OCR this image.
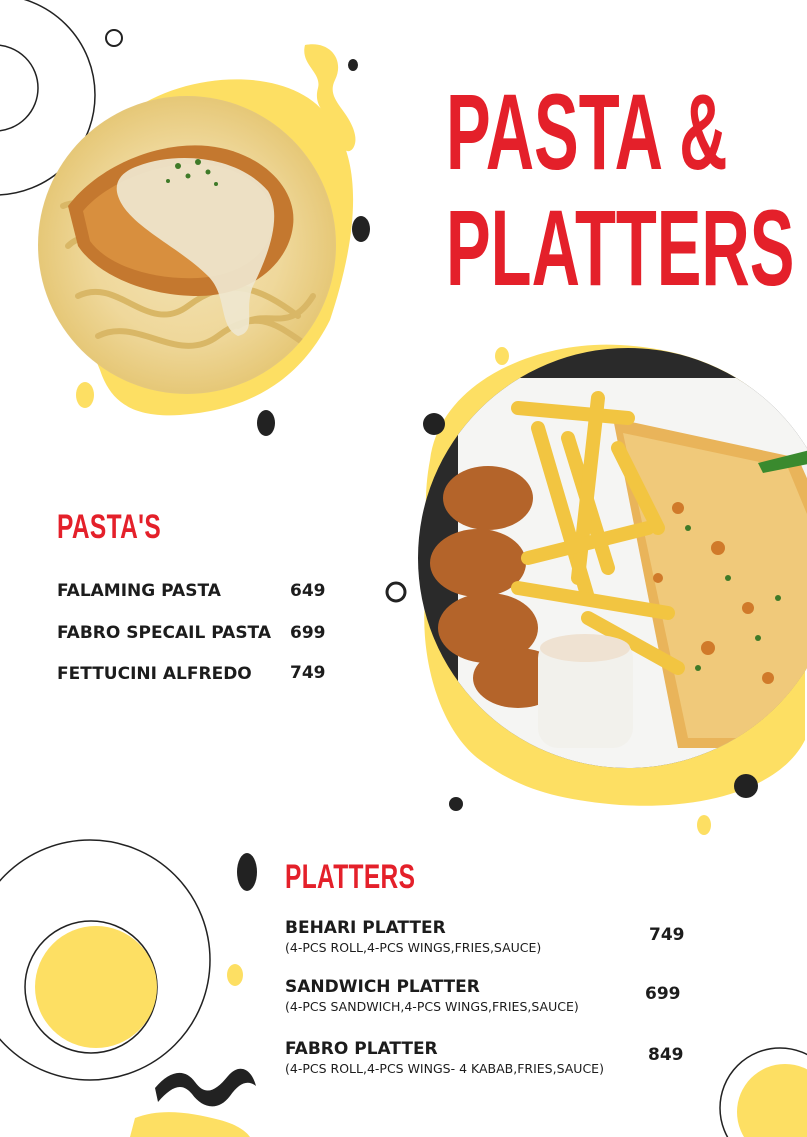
PASTA &
PLATTERS
PASTA'S
FALAMING PASTA	649
FABRO SPECAIL PASTA 699
FETTUCINI ALFREDO 749
PLATTERS
BEHARI PLATTER
(4-PCS ROLL,4-PCS WINGS,FRIES,SAUCE)
749
SANDWICH PLATTER
(4-PCS SANDWICH,4-PCS WINGS,FRIES,SAUCE)
699
FABRO PLATTER
(4-PCS ROLL,4-PCS WINGS- 4 KABAB,FRIES,SAUCE)
849
